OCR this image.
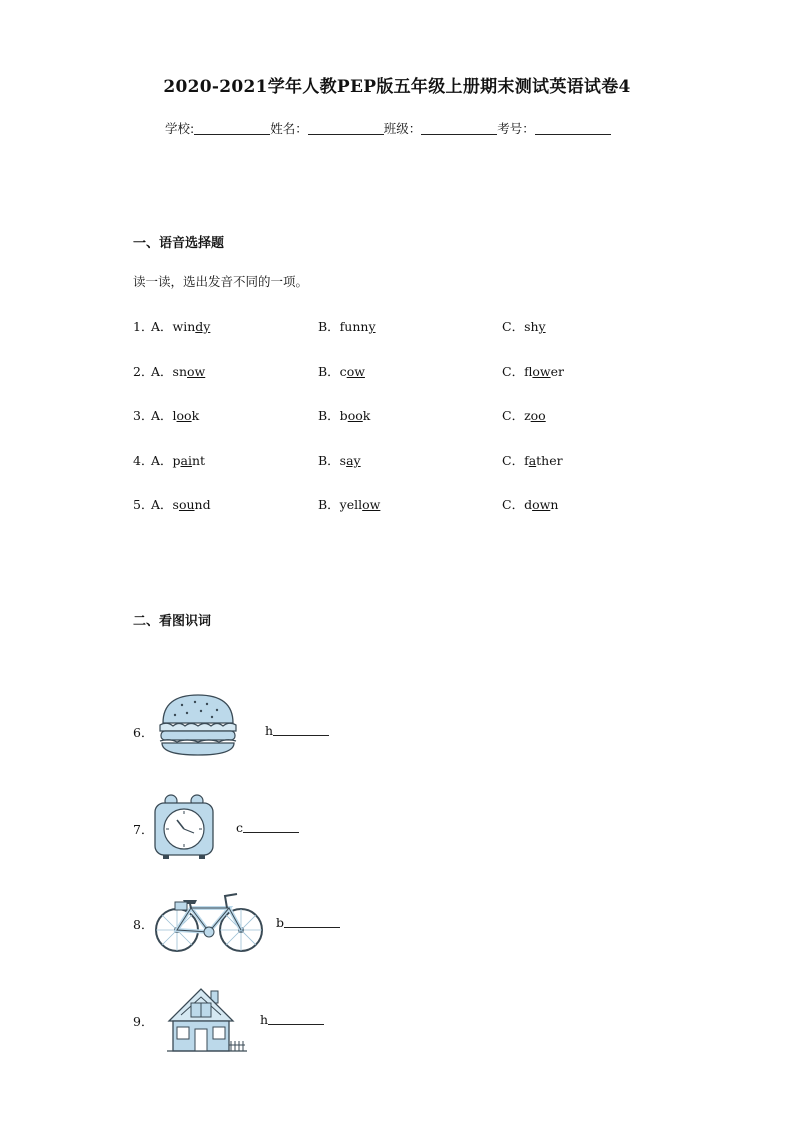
2020-2021学年人教PEP版五年级上册期末测试英语试卷4
学校:	姓名：	班级：	考号：
一、语音选择题
读一读，选出发音不同的一项。
1．
A．windy	B．funny	C．shy
2．
A．snow	B．cow	C．flower
3．
A．look	B．book	C．zoo
4．
A．paint	B．say	C．father
5．
A．sound	B．yellow	C．down
二、看图识词
6．	h
7．	c
8．	b
9．	h
